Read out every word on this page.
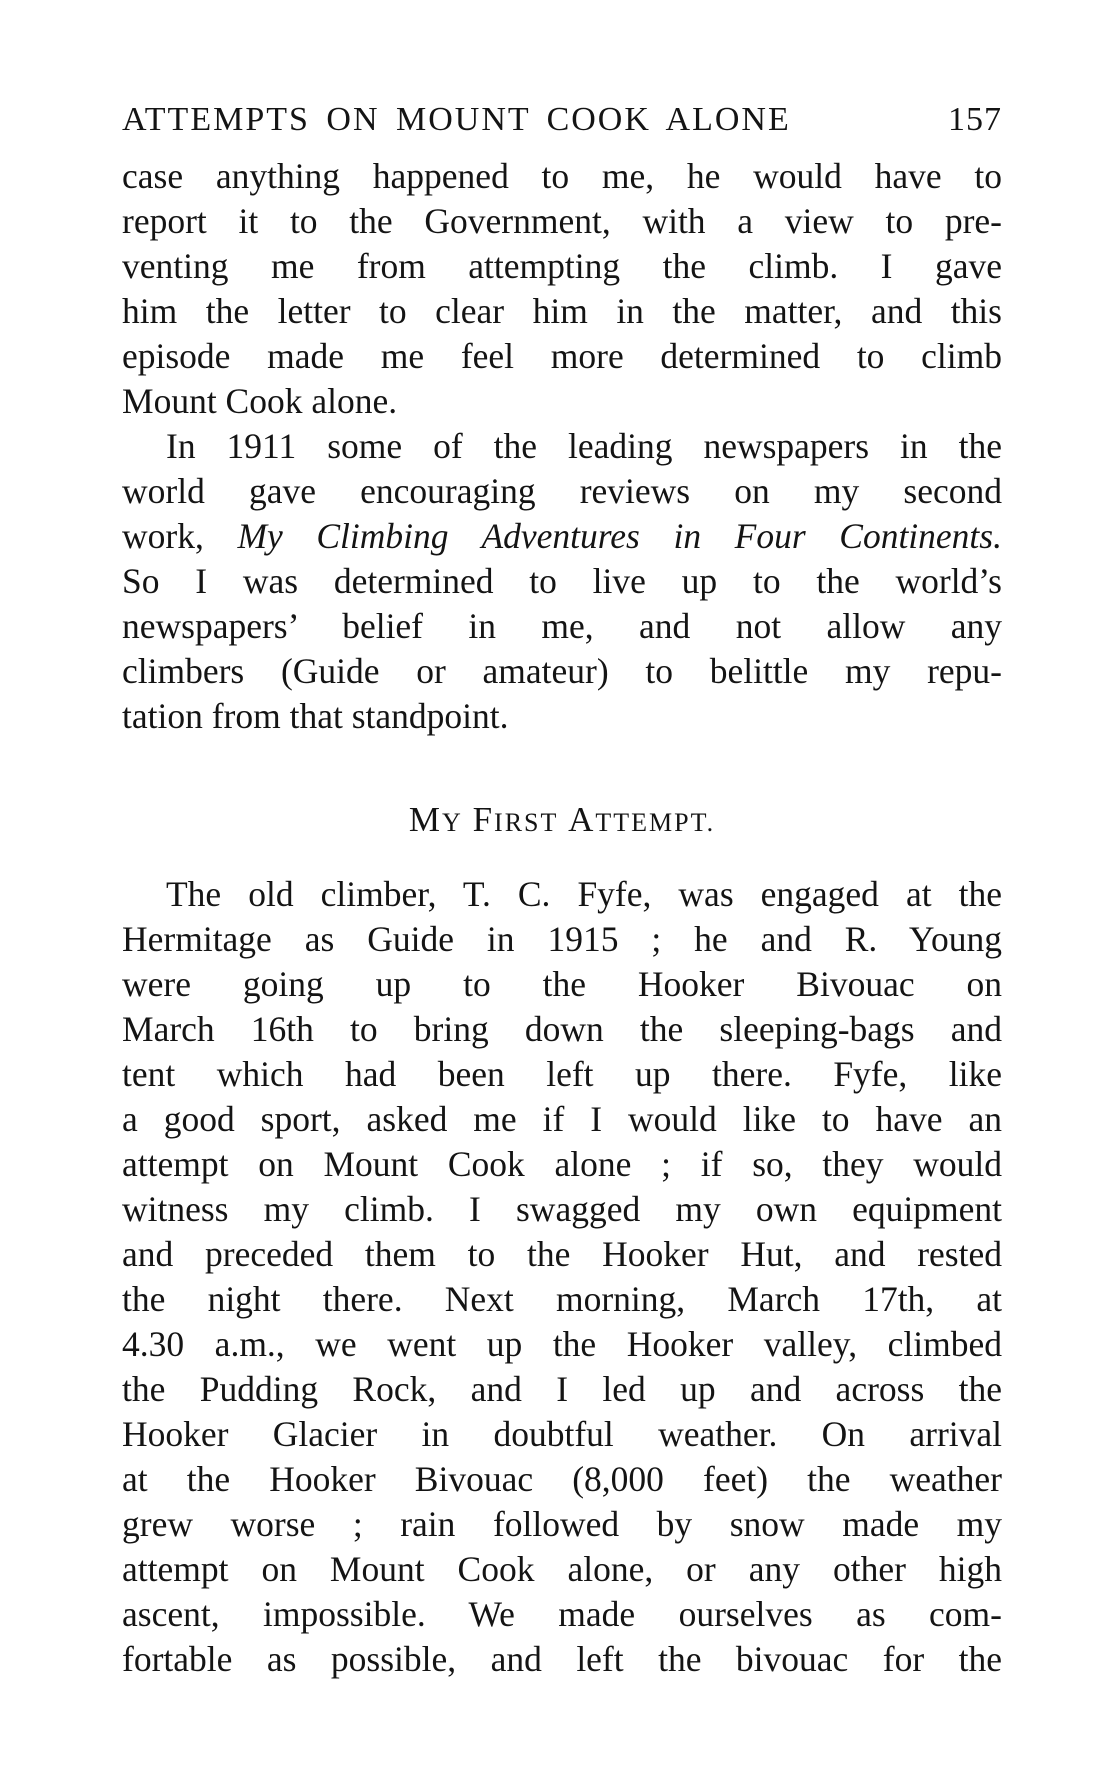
ATTEMPTS ON MOUNT COOK ALONE	157
case anything happened to me, he would have to
report it to the Government, with a view to pre-
venting me from attempting the climb. I gave
him the letter to clear him in the matter, and this
episode made me feel more determined to climb
Mount Cook alone.
In 1911 some of the leading newspapers in the
world gave encouraging reviews on my second
work, My Climbing Adventures in Four Continents.
So I was determined to live up to the world’s
newspapers’ belief in me, and not allow any
climbers (Guide or amateur) to belittle my repu-
tation from that standpoint.
MY FIRST ATTEMPT.
The old climber, T. C. Fyfe, was engaged at the
Hermitage as Guide in 1915 ; he and R. Young
were going up to the Hooker Bivouac on
March 16th to bring down the sleeping-bags and
tent which had been left up there. Fyfe, like
a good sport, asked me if I would like to have an
attempt on Mount Cook alone ; if so, they would
witness my climb. I swagged my own equipment
and preceded them to the Hooker Hut, and rested
the night there. Next morning, March 17th, at
4.30 a.m., we went up the Hooker valley, climbed
the Pudding Rock, and I led up and across the
Hooker Glacier in doubtful weather. On arrival
at the Hooker Bivouac (8,000 feet) the weather
grew worse ; rain followed by snow made my
attempt on Mount Cook alone, or any other high
ascent, impossible. We made ourselves as com-
fortable as possible, and left the bivouac for the
